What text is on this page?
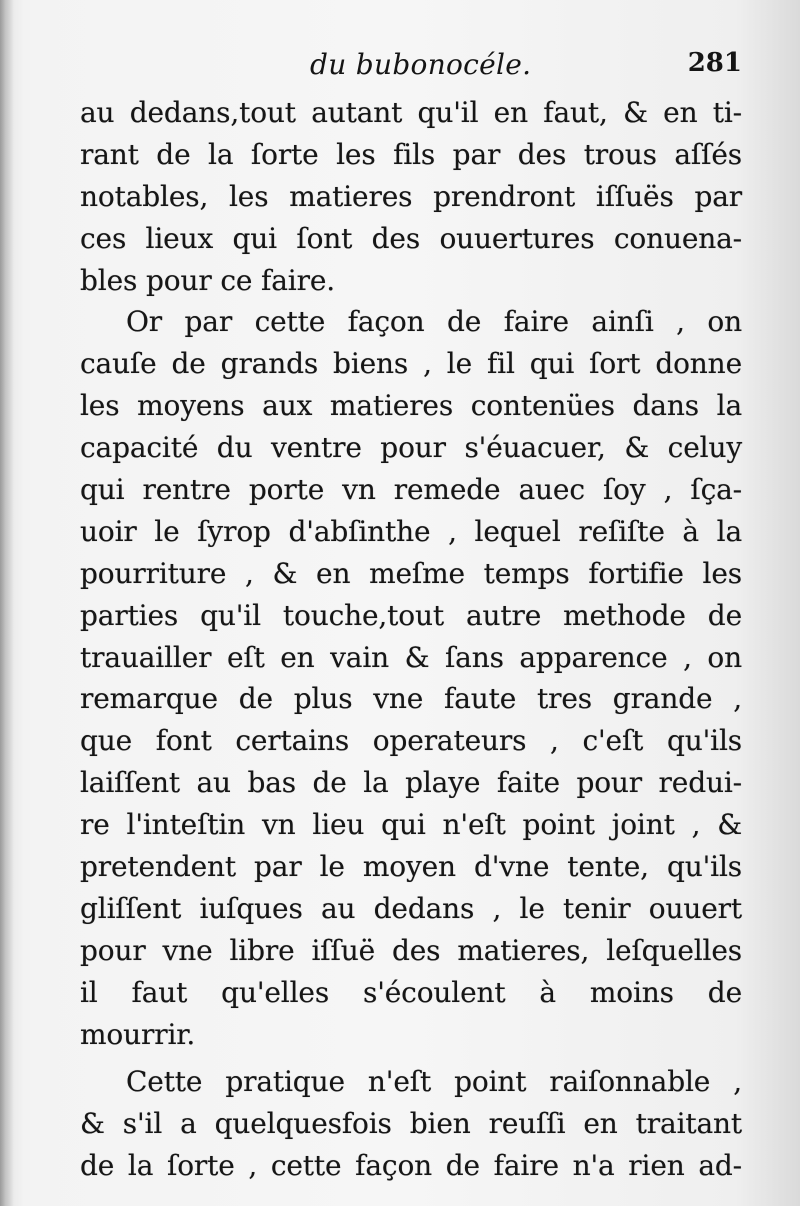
du bubonocéle.	281
au dedans,tout autant qu'il en faut, & en ti-
rant de la ſorte les fils par des trous aſſés
notables, les matieres prendront iſſuës par
ces lieux qui ſont des ouuertures conuena-
bles pour ce faire.
Or par cette façon de faire ainſi , on
cauſe de grands biens , le fil qui ſort donne
les moyens aux matieres contenües dans la
capacité du ventre pour s'éuacuer, & celuy
qui rentre porte vn remede auec ſoy , ſça-
uoir le ſyrop d'abſinthe , lequel reſiſte à la
pourriture , & en meſme temps fortifie les
parties qu'il touche,tout autre methode de
trauailler eſt en vain & ſans apparence , on
remarque de plus vne faute tres grande ,
que font certains operateurs , c'eſt qu'ils
laiſſent au bas de la playe faite pour redui-
re l'inteſtin vn lieu qui n'eſt point joint , &
pretendent par le moyen d'vne tente, qu'ils
gliſſent iuſques au dedans , le tenir ouuert
pour vne libre iſſuë des matieres, leſquelles
il faut qu'elles s'écoulent à moins de
mourrir.
Cette pratique n'eſt point raiſonnable ,
& s'il a quelquesfois bien reuſſi en traitant
de la ſorte , cette façon de faire n'a rien ad-
